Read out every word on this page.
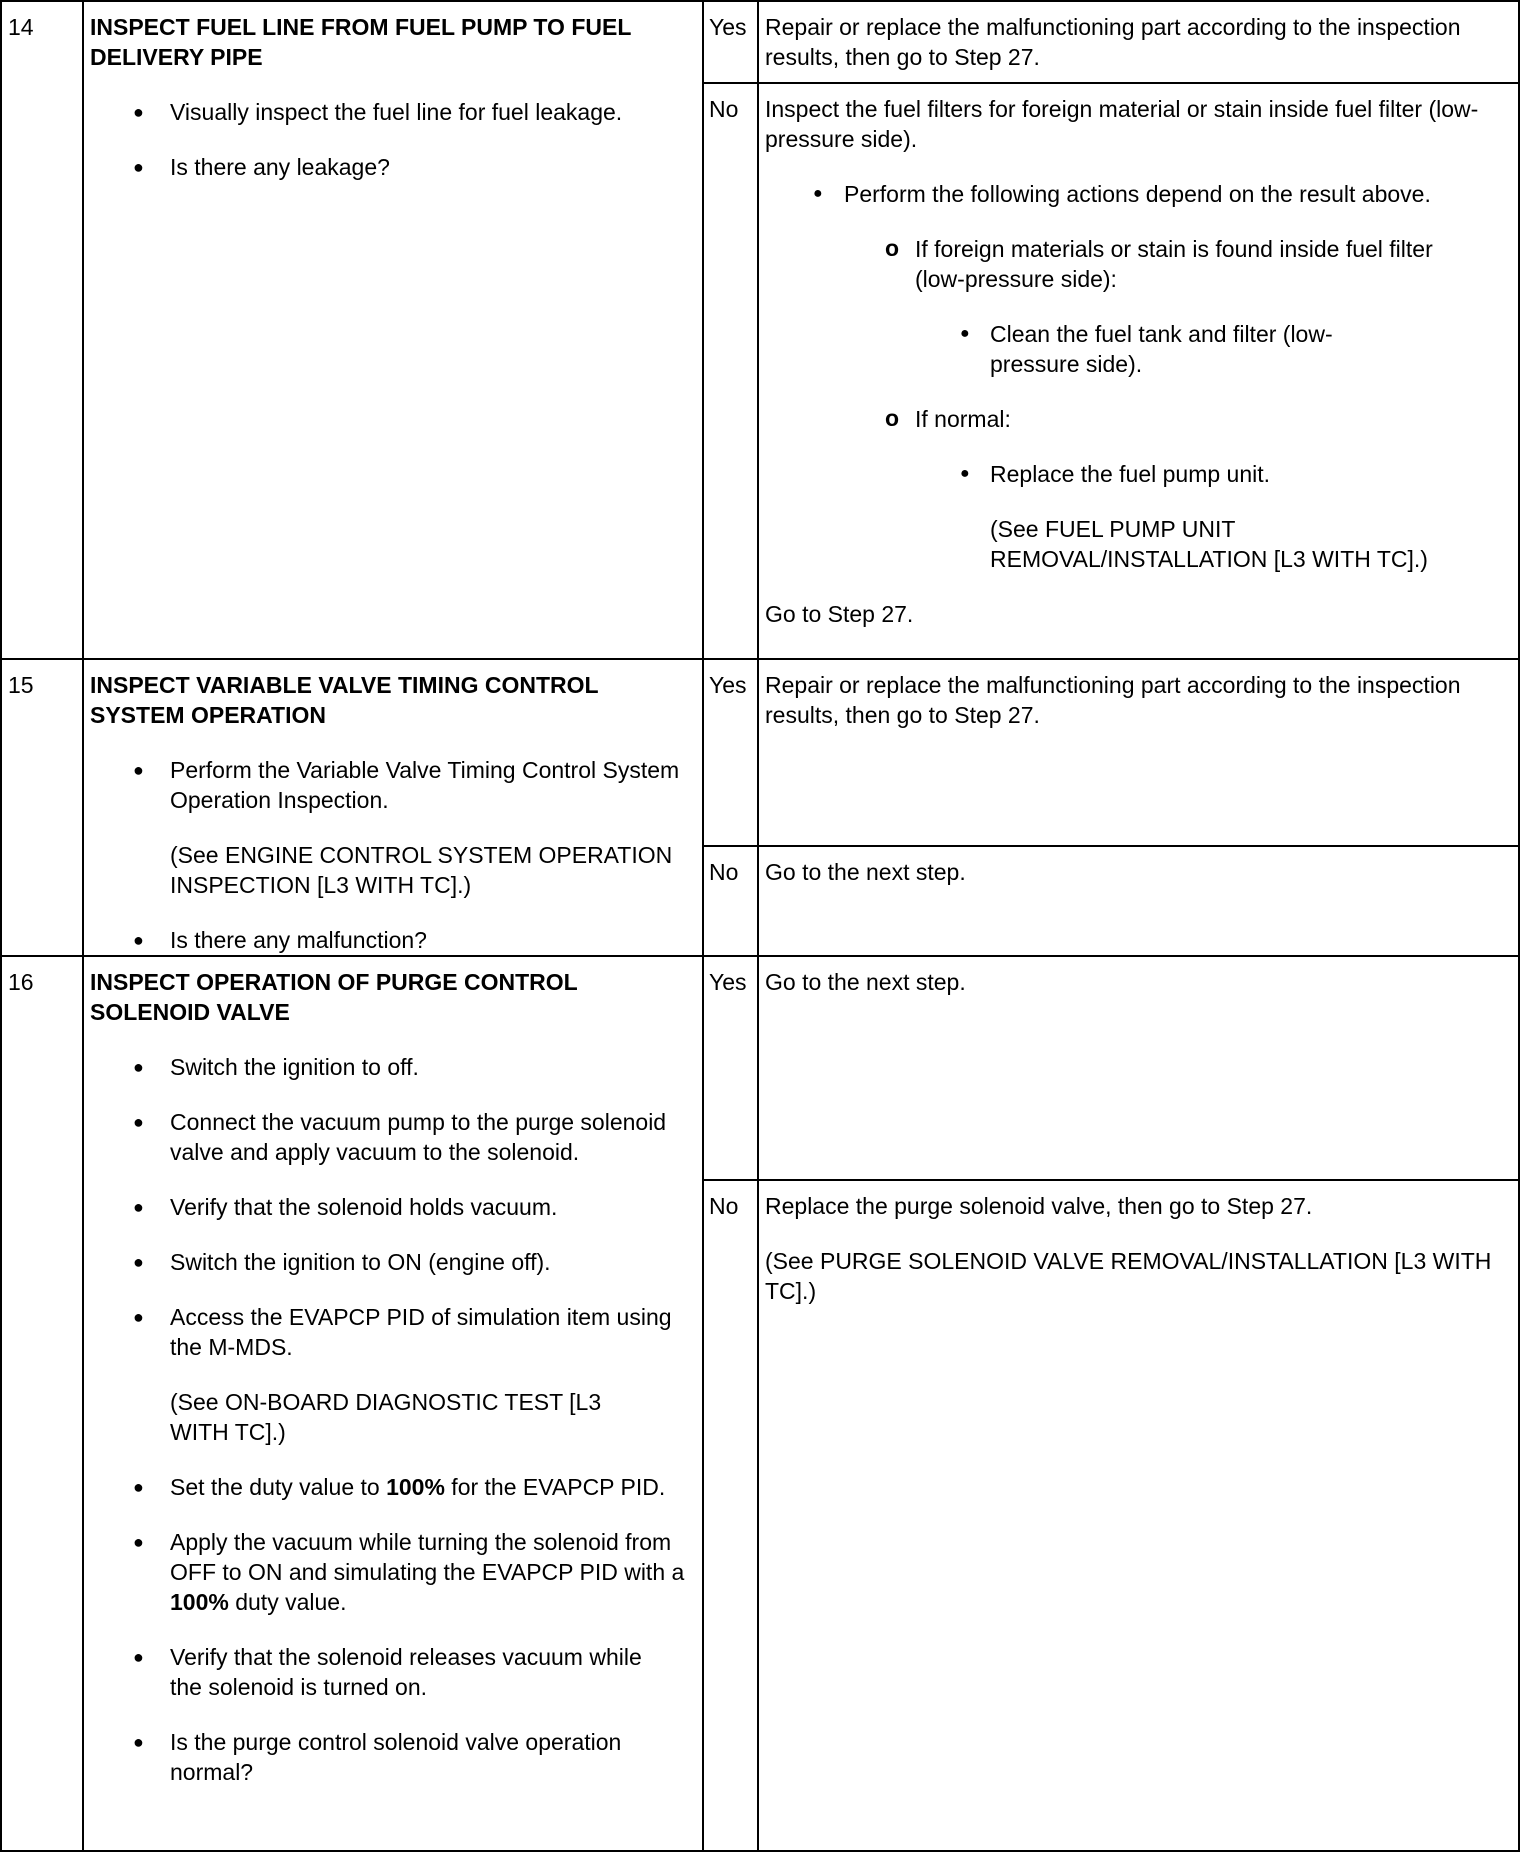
14	INSPECT FUEL LINE FROM FUEL PUMP TO FUEL DELIVERY PIPE
● Visually inspect the fuel line for fuel leakage.
● Is there any leakage?
Yes Repair or replace the malfunctioning part according to the inspection results, then go to Step 27.
No	Inspect the fuel filters for foreign material or stain inside fuel filter (low-pressure side).
● Perform the following actions depend on the result above.
o If foreign materials or stain is found inside fuel filter (low-pressure side):
● Clean the fuel tank and filter (low-pressure side).
o If normal:
● Replace the fuel pump unit.
(See FUEL PUMP UNIT REMOVAL/INSTALLATION [L3 WITH TC].)
Go to Step 27.
15	INSPECT VARIABLE VALVE TIMING CONTROL SYSTEM OPERATION
● Perform the Variable Valve Timing Control System Operation Inspection.
(See ENGINE CONTROL SYSTEM OPERATION INSPECTION [L3 WITH TC].)
● Is there any malfunction?
Yes Repair or replace the malfunctioning part according to the inspection results, then go to Step 27.
No	Go to the next step.
16	INSPECT OPERATION OF PURGE CONTROL SOLENOID VALVE
● Switch the ignition to off.
● Connect the vacuum pump to the purge solenoid valve and apply vacuum to the solenoid.
● Verify that the solenoid holds vacuum.
● Switch the ignition to ON (engine off).
● Access the EVAPCP PID of simulation item using the M-MDS.
(See ON-BOARD DIAGNOSTIC TEST [L3 WITH TC].)
● Set the duty value to 100% for the EVAPCP PID.
● Apply the vacuum while turning the solenoid from OFF to ON and simulating the EVAPCP PID with a 100% duty value.
● Verify that the solenoid releases vacuum while the solenoid is turned on.
● Is the purge control solenoid valve operation normal?
Yes Go to the next step.
No	Replace the purge solenoid valve, then go to Step 27.
(See PURGE SOLENOID VALVE REMOVAL/INSTALLATION [L3 WITH TC].)
